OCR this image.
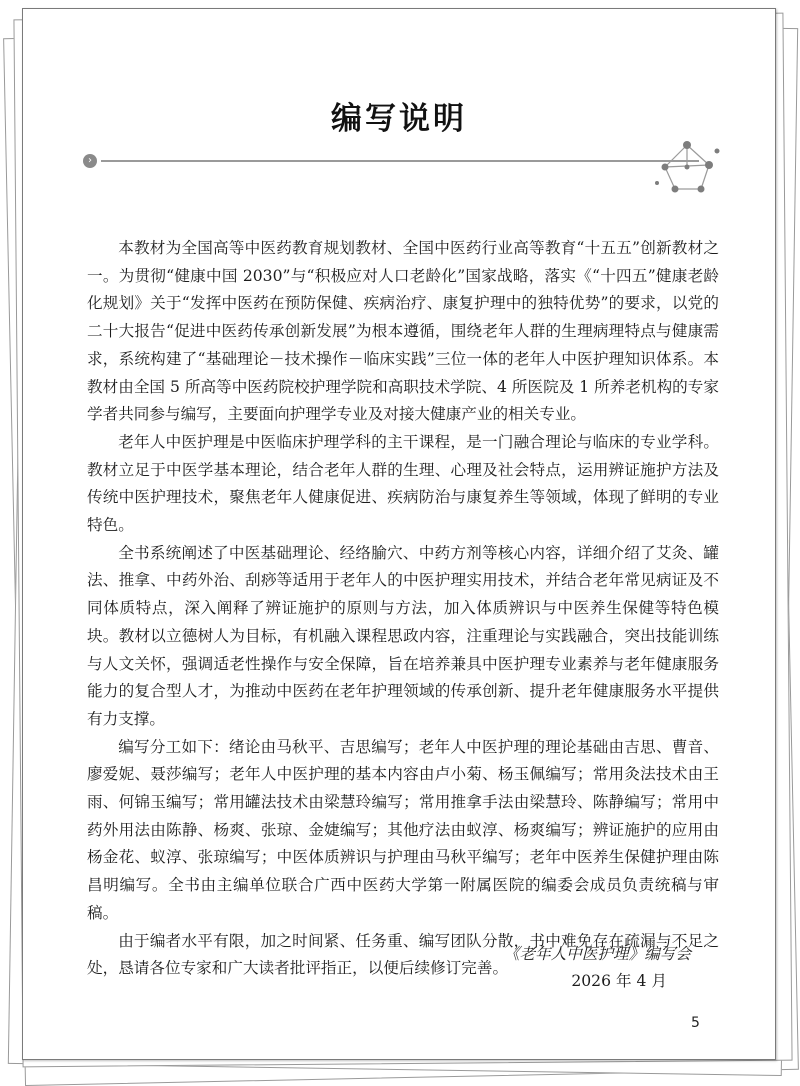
编写说明
›

本教材为全国高等中医药教育规划教材、全国中医药行业高等教育“十五五”创新教材之一。为贯彻“健康中国 2030”与“积极应对人口老龄化”国家战略，落实《“十四五”健康老龄化规划》关于“发挥中医药在预防保健、疾病治疗、康复护理中的独特优势”的要求，以党的二十大报告“促进中医药传承创新发展”为根本遵循，围绕老年人群的生理病理特点与健康需求，系统构建了“基础理论－技术操作－临床实践”三位一体的老年人中医护理知识体系。本教材由全国 5 所高等中医药院校护理学院和高职技术学院、4 所医院及 1 所养老机构的专家学者共同参与编写，主要面向护理学专业及对接大健康产业的相关专业。

老年人中医护理是中医临床护理学科的主干课程，是一门融合理论与临床的专业学科。教材立足于中医学基本理论，结合老年人群的生理、心理及社会特点，运用辨证施护方法及传统中医护理技术，聚焦老年人健康促进、疾病防治与康复养生等领域，体现了鲜明的专业特色。

全书系统阐述了中医基础理论、经络腧穴、中药方剂等核心内容，详细介绍了艾灸、罐法、推拿、中药外治、刮痧等适用于老年人的中医护理实用技术，并结合老年常见病证及不同体质特点，深入阐释了辨证施护的原则与方法，加入体质辨识与中医养生保健等特色模块。教材以立德树人为目标，有机融入课程思政内容，注重理论与实践融合，突出技能训练与人文关怀，强调适老性操作与安全保障，旨在培养兼具中医护理专业素养与老年健康服务能力的复合型人才，为推动中医药在老年护理领域的传承创新、提升老年健康服务水平提供有力支撑。

编写分工如下：绪论由马秋平、吉思编写；老年人中医护理的理论基础由吉思、曹音、廖爱妮、聂莎编写；老年人中医护理的基本内容由卢小菊、杨玉佩编写；常用灸法技术由王雨、何锦玉编写；常用罐法技术由梁慧玲编写；常用推拿手法由梁慧玲、陈静编写；常用中药外用法由陈静、杨爽、张琼、金婕编写；其他疗法由蚁淳、杨爽编写；辨证施护的应用由杨金花、蚁淳、张琼编写；中医体质辨识与护理由马秋平编写；老年中医养生保健护理由陈昌明编写。全书由主编单位联合广西中医药大学第一附属医院的编委会成员负责统稿与审稿。

由于编者水平有限，加之时间紧、任务重、编写团队分散，书中难免存在疏漏与不足之处，恳请各位专家和广大读者批评指正，以便后续修订完善。

《老年人中医护理》编写会
2026 年 4 月
5
